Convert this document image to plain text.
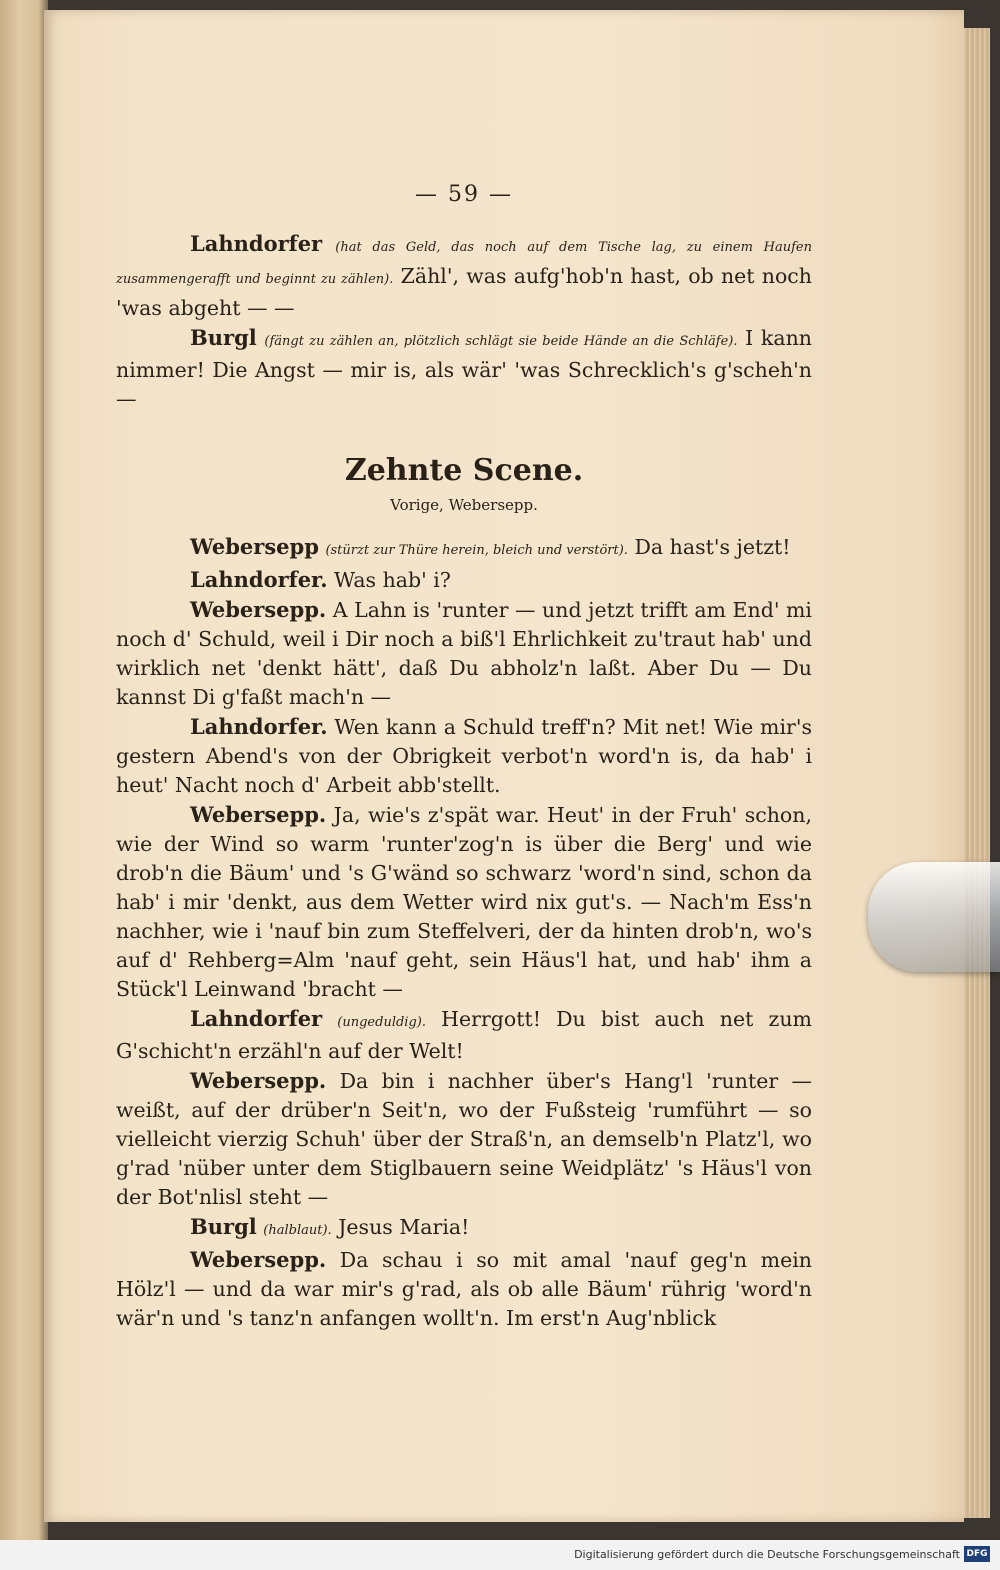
— 59 —

Lahndorfer (hat das Geld, das noch auf dem Tische lag, zu einem Haufen zusammengerafft und beginnt zu zählen). Zähl', was aufg'hob'n hast, ob net noch 'was abgeht — —

Burgl (fängt zu zählen an, plötzlich schlägt sie beide Hände an die Schläfe). I kann nimmer! Die Angst — mir is, als wär' 'was Schrecklich's g'scheh'n —

Zehnte Scene.
Vorige, Webersepp.

Webersepp (stürzt zur Thüre herein, bleich und verstört). Da hast's jetzt!

Lahndorfer. Was hab' i?

Webersepp. A Lahn is 'runter — und jetzt trifft am End' mi noch d' Schuld, weil i Dir noch a biß'l Ehrlichkeit zu'traut hab' und wirklich net 'denkt hätt', daß Du abholz'n laßt. Aber Du — Du kannst Di g'faßt mach'n —

Lahndorfer. Wen kann a Schuld treff'n? Mit net! Wie mir's gestern Abend's von der Obrigkeit verbot'n word'n is, da hab' i heut' Nacht noch d' Arbeit abb'stellt.

Webersepp. Ja, wie's z'spät war. Heut' in der Fruh' schon, wie der Wind so warm 'runter'zog'n is über die Berg' und wie drob'n die Bäum' und 's G'wänd so schwarz 'word'n sind, schon da hab' i mir 'denkt, aus dem Wetter wird nix gut's. — Nach'm Ess'n nachher, wie i 'nauf bin zum Steffelveri, der da hinten drob'n, wo's auf d' Rehberg=Alm 'nauf geht, sein Häus'l hat, und hab' ihm a Stück'l Leinwand 'bracht —

Lahndorfer (ungeduldig). Herrgott! Du bist auch net zum G'schicht'n erzähl'n auf der Welt!

Webersepp. Da bin i nachher über's Hang'l 'runter — weißt, auf der drüber'n Seit'n, wo der Fußsteig 'rumführt — so vielleicht vierzig Schuh' über der Straß'n, an demselb'n Platz'l, wo g'rad 'nüber unter dem Stiglbauern seine Weidplätz' 's Häus'l von der Bot'nlisl steht —

Burgl (halblaut). Jesus Maria!

Webersepp. Da schau i so mit amal 'nauf geg'n mein Hölz'l — und da war mir's g'rad, als ob alle Bäum' rührig 'word'n wär'n und 's tanz'n anfangen wollt'n. Im erst'n Aug'nblick

Digitalisierung gefördert durch die Deutsche Forschungsgemeinschaft DFG
